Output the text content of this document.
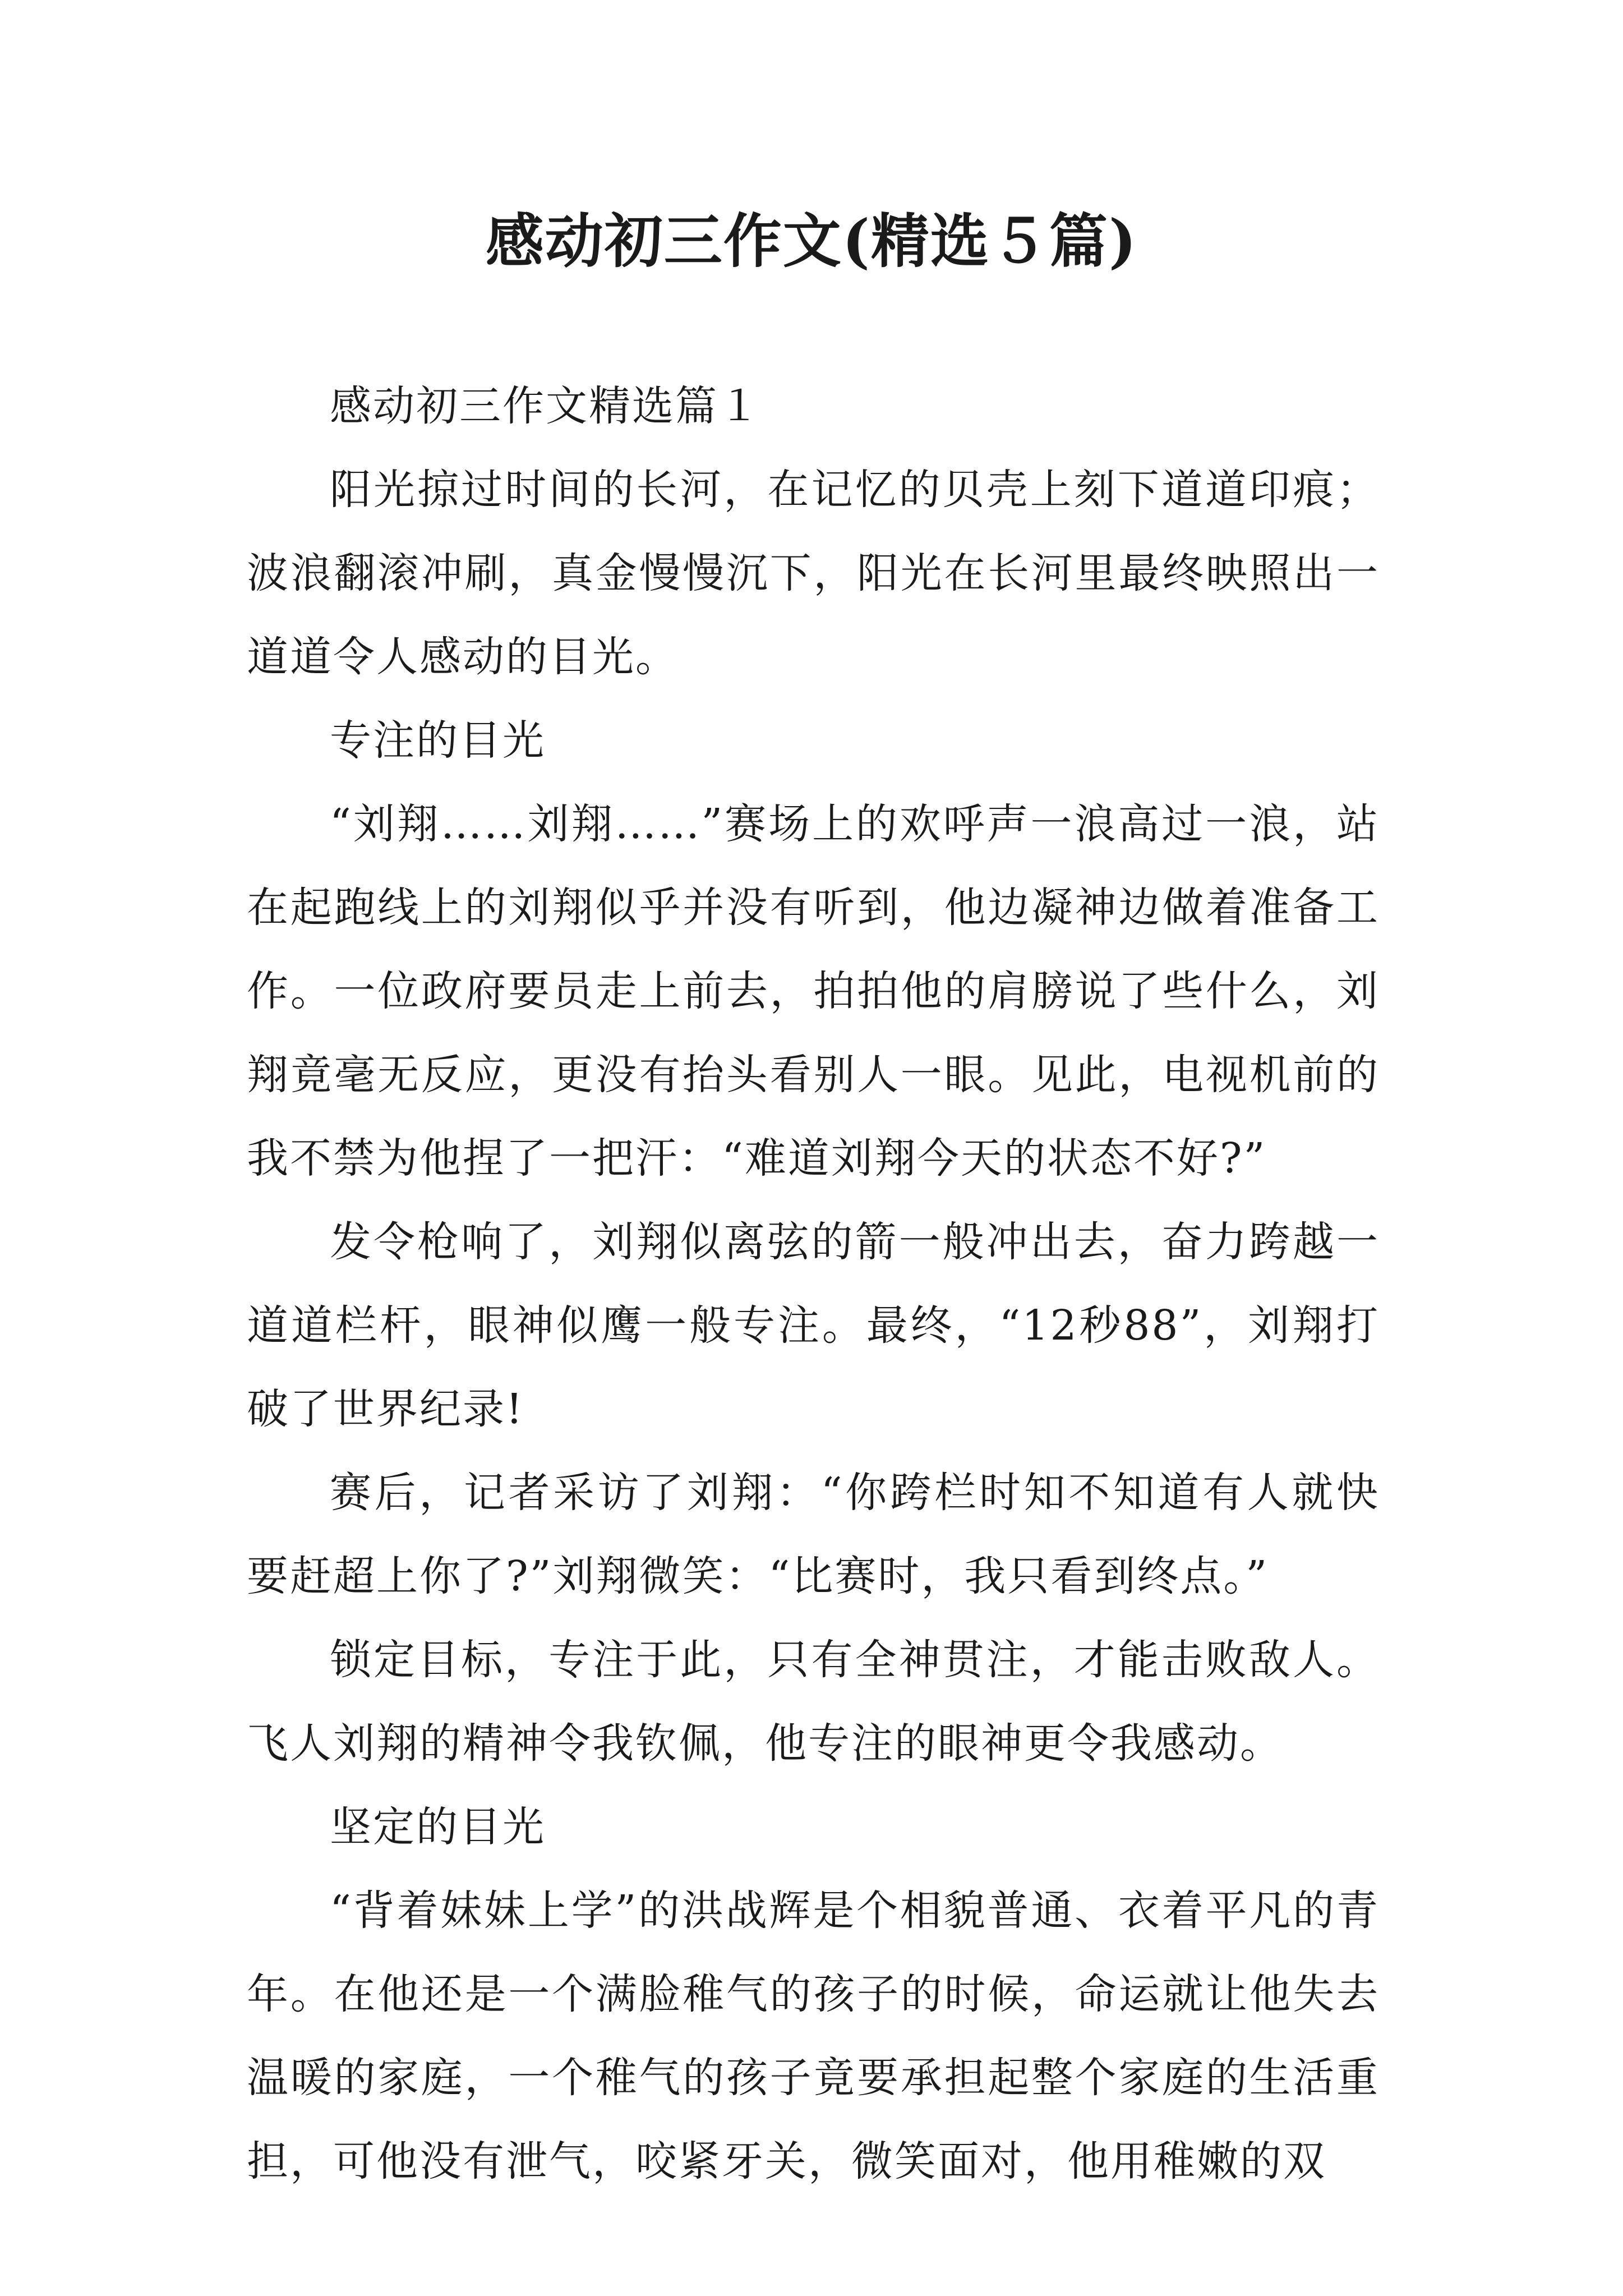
感动初三作文(精选５篇)

感动初三作文精选篇１

阳光掠过时间的长河，在记忆的贝壳上刻下道道印痕；波浪翻滚冲刷，真金慢慢沉下，阳光在长河里最终映照出一道道令人感动的目光。

专注的目光

“刘翔……刘翔……”赛场上的欢呼声一浪高过一浪，站在起跑线上的刘翔似乎并没有听到，他边凝神边做着准备工作。一位政府要员走上前去，拍拍他的肩膀说了些什么，刘翔竟毫无反应，更没有抬头看别人一眼。见此，电视机前的我不禁为他捏了一把汗：“难道刘翔今天的状态不好?”

发令枪响了，刘翔似离弦的箭一般冲出去，奋力跨越一道道栏杆，眼神似鹰一般专注。最终，“12秒88”，刘翔打破了世界纪录!

赛后，记者采访了刘翔：“你跨栏时知不知道有人就快要赶超上你了?”刘翔微笑：“比赛时，我只看到终点。”

锁定目标，专注于此，只有全神贯注，才能击败敌人。飞人刘翔的精神令我钦佩，他专注的眼神更令我感动。

坚定的目光

“背着妹妹上学”的洪战辉是个相貌普通、衣着平凡的青年。在他还是一个满脸稚气的孩子的时候，命运就让他失去温暖的家庭，一个稚气的孩子竟要承担起整个家庭的生活重担，可他没有泄气，咬紧牙关，微笑面对，他用稚嫩的双
